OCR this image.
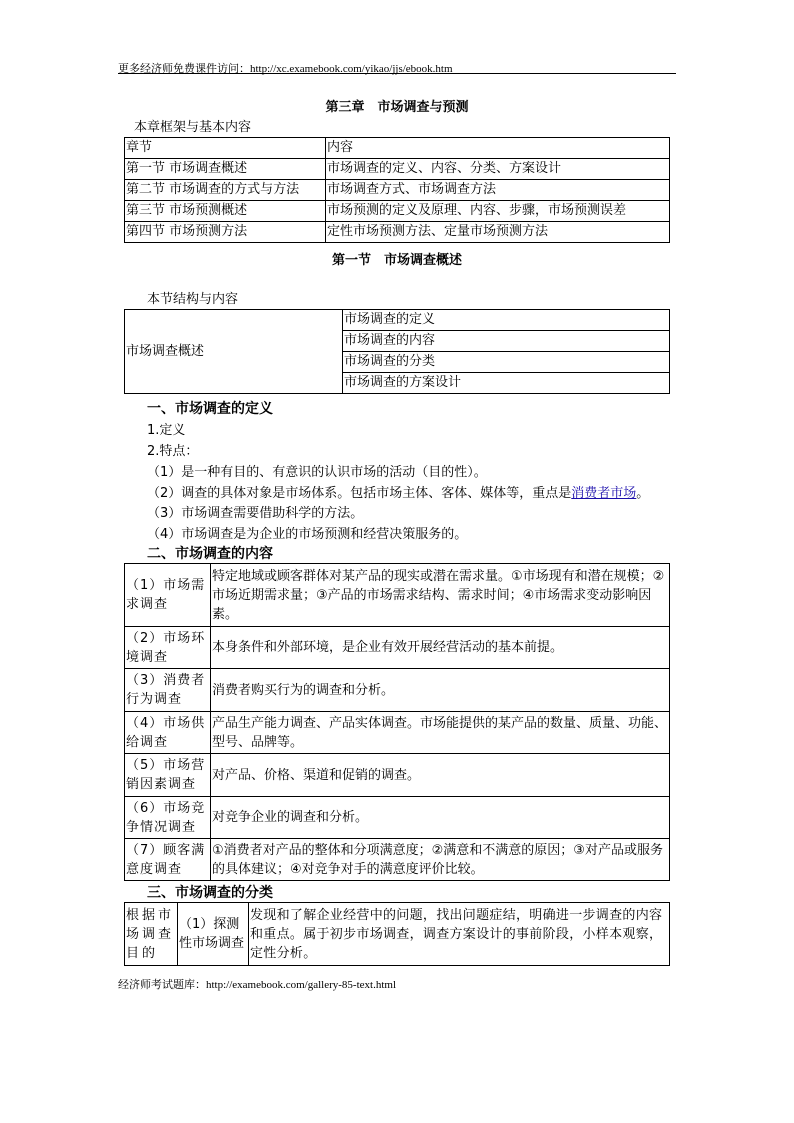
更多经济师免费课件访问：http://xc.examebook.com/yikao/jjs/ebook.htm
第三章　市场调查与预测
本章框架与基本内容
章节	内容
第一节 市场调查概述	市场调查的定义、内容、分类、方案设计
第二节 市场调查的方式与方法	市场调查方式、市场调查方法
第三节 市场预测概述	市场预测的定义及原理、内容、步骤，市场预测误差
第四节 市场预测方法	定性市场预测方法、定量市场预测方法
第一节　市场调查概述
本节结构与内容
市场调查概述	市场调查的定义
市场调查的内容
市场调查的分类
市场调查的方案设计
一、市场调查的定义
1.定义
2.特点：
（1）是一种有目的、有意识的认识市场的活动（目的性）。
（2）调查的具体对象是市场体系。包括市场主体、客体、媒体等，重点是消费者市场。
（3）市场调查需要借助科学的方法。
（4）市场调查是为企业的市场预测和经营决策服务的。
二、市场调查的内容
（1）市场需求调查	特定地域或顾客群体对某产品的现实或潜在需求量。①市场现有和潜在规模；②市场近期需求量；③产品的市场需求结构、需求时间；④市场需求变动影响因素。
（2）市场环境调查	本身条件和外部环境，是企业有效开展经营活动的基本前提。
（3）消费者行为调查	消费者购买行为的调查和分析。
（4）市场供给调查	产品生产能力调查、产品实体调查。市场能提供的某产品的数量、质量、功能、型号、品牌等。
（5）市场营销因素调查	对产品、价格、渠道和促销的调查。
（6）市场竞争情况调查	对竞争企业的调查和分析。
（7）顾客满意度调查	①消费者对产品的整体和分项满意度；②满意和不满意的原因；③对产品或服务的具体建议；④对竞争对手的满意度评价比较。
三、市场调查的分类
根据市场调查目的	（1）探测性市场调查	发现和了解企业经营中的问题，找出问题症结，明确进一步调查的内容和重点。属于初步市场调查，调查方案设计的事前阶段，小样本观察，定性分析。
经济师考试题库：http://examebook.com/gallery-85-text.html
